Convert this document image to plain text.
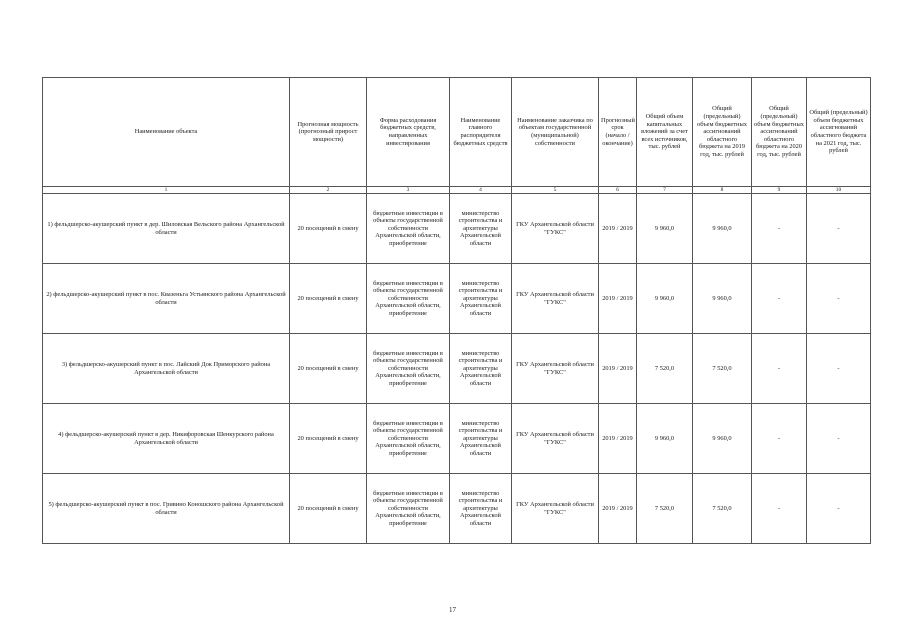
Наименование объекта	Прогнозная мощность (прогнозный прирост мощности)	Форма расходования бюджетных средств, направленных инвестирования	Наименование главного распорядителя бюджетных средств	Наименование заказчика по объектам государственной (муниципальной) собственности	Прогнозный срок (начало / окончание)	Общий объем капитальных вложений за счет всех источников, тыс. рублей	Общий (предельный) объем бюджетных ассигнований областного бюджета на 2019 год, тыс. рублей	Общий (предельный) объем бюджетных ассигнований областного бюджета на 2020 год, тыс. рублей	Общий (предельный) объем бюджетных ассигнований областного бюджета на 2021 год, тыс. рублей
1	2	3	4	5	6	7	8	9	10
1) фельдшерско-акушерский пункт в дер. Шиловская Вельского района Архангельской области	20 посещений в смену	бюджетные инвестиции в объекты государственной собственности Архангельской области, приобретение	министерство строительства и архитектуры Архангельской области	ГКУ Архангельской области "ГУКС"	2019 / 2019	9 960,0	9 960,0	-	-
2) фельдшерско-акушерский пункт в пос. Квазеньга Устьянского района Архангельской области	20 посещений в смену	бюджетные инвестиции в объекты государственной собственности Архангельской области, приобретение	министерство строительства и архитектуры Архангельской области	ГКУ Архангельской области "ГУКС"	2019 / 2019	9 960,0	9 960,0	-	-
3) фельдшерско-акушерский пункт в пос. Лайский Док Приморского района Архангельской области	20 посещений в смену	бюджетные инвестиции в объекты государственной собственности Архангельской области, приобретение	министерство строительства и архитектуры Архангельской области	ГКУ Архангельской области "ГУКС"	2019 / 2019	7 520,0	7 520,0	-	-
4) фельдшерско-акушерский пункт в дер. Никифоровская Шенкурского района Архангельской области	20 посещений в смену	бюджетные инвестиции в объекты государственной собственности Архангельской области, приобретение	министерство строительства и архитектуры Архангельской области	ГКУ Архангельской области "ГУКС"	2019 / 2019	9 960,0	9 960,0	-	-
5) фельдшерско-акушерский пункт в пос. Гривино Коношского района Архангельской области	20 посещений в смену	бюджетные инвестиции в объекты государственной собственности Архангельской области, приобретение	министерство строительства и архитектуры Архангельской области	ГКУ Архангельской области "ГУКС"	2019 / 2019	7 520,0	7 520,0	-	-
17
